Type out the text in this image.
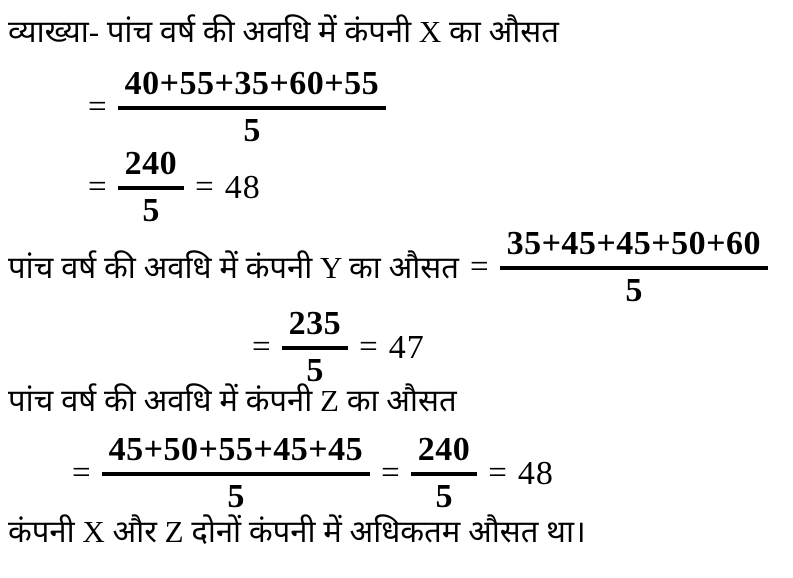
व्याख्या- पांच वर्ष की अवधि में कंपनी X का औसत
= $\frac{40+55+35+60+55}{5}$
= $\frac{240}{5} = 48$
पांच वर्ष की अवधि में कंपनी Y का औसत = $\frac{35+45+45+50+60}{5}$
= $\frac{235}{5} = 47$
पांच वर्ष की अवधि में कंपनी Z का औसत
= $\frac{45+50+55+45+45}{5} = \frac{240}{5} = 48$
कंपनी X और Z दोनों कंपनी में अधिकतम औसत था।
